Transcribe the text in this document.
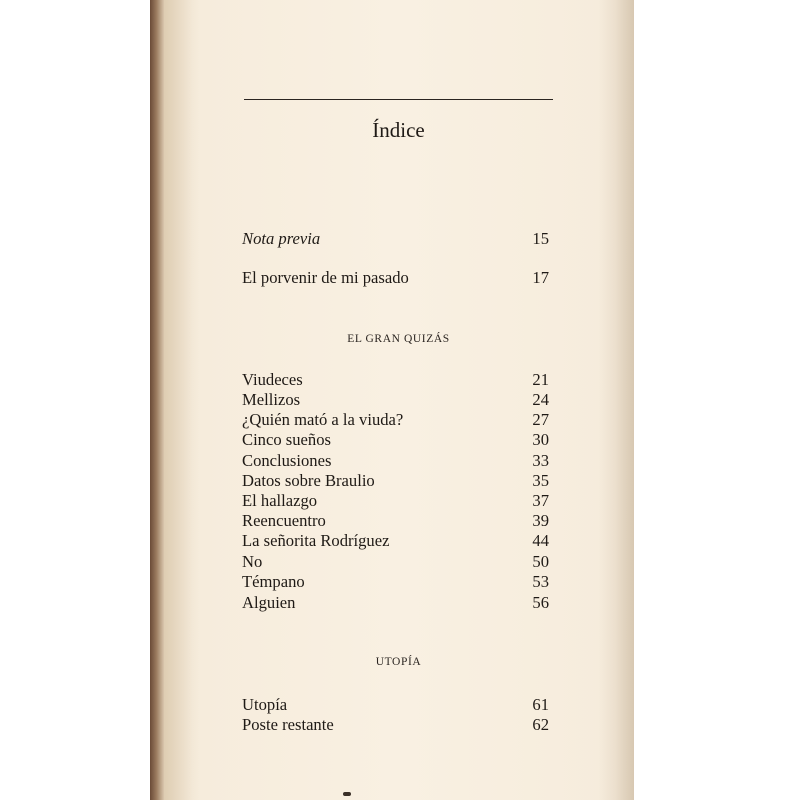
Índice
Nota previa	15
El porvenir de mi pasado	17
EL GRAN QUIZÁS
Viudeces	21
Mellizos	24
¿Quién mató a la viuda?	27
Cinco sueños	30
Conclusiones	33
Datos sobre Braulio	35
El hallazgo	37
Reencuentro	39
La señorita Rodríguez	44
No	50
Témpano	53
Alguien	56
UTOPÍA
Utopía	61
Poste restante	62
